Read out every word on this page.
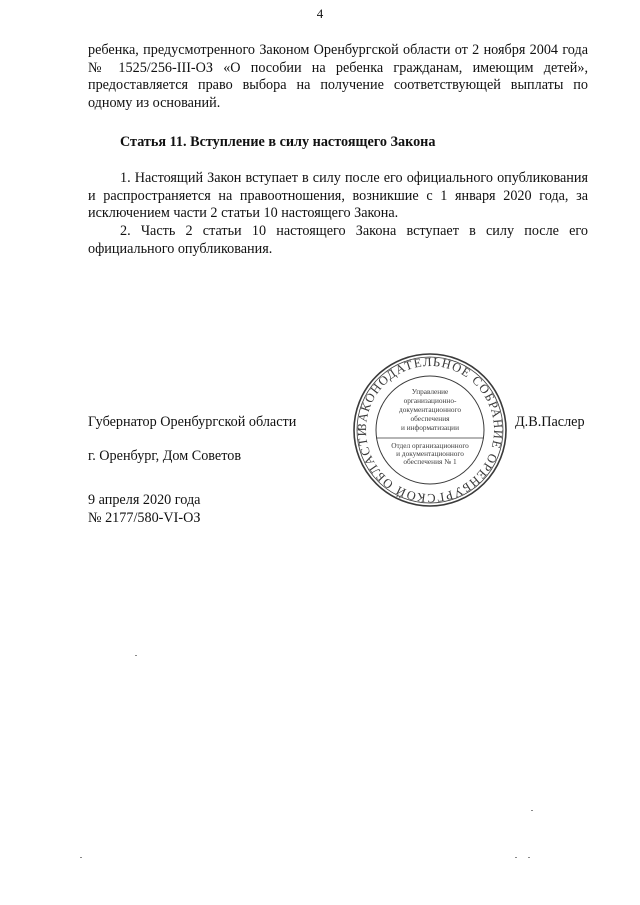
4

ребенка, предусмотренного Законом Оренбургской области от 2 ноября 2004 года № 1525/256-III-ОЗ «О пособии на ребенка гражданам, имеющим детей», предоставляется право выбора на получение соответствующей выплаты по одному из оснований.

Статья 11. Вступление в силу настоящего Закона

1. Настоящий Закон вступает в силу после его официального опубликования и распространяется на правоотношения, возникшие с 1 января 2020 года, за исключением части 2 статьи 10 настоящего Закона.

2. Часть 2 статьи 10 настоящего Закона вступает в силу после его официального опубликования.

Губернатор Оренбургской области	Д.В.Паслер
г. Оренбург, Дом Советов
9 апреля 2020 года
№ 2177/580-VI-ОЗ
ЗАКОНОДАТЕЛЬНОЕ СОБРАНИЕ ОРЕНБУРГСКОЙ ОБЛАСТИ
Управление
организационно-
документационного
обеспечения
и информатизации
Отдел организационного
и документационного
обеспечения № 1
